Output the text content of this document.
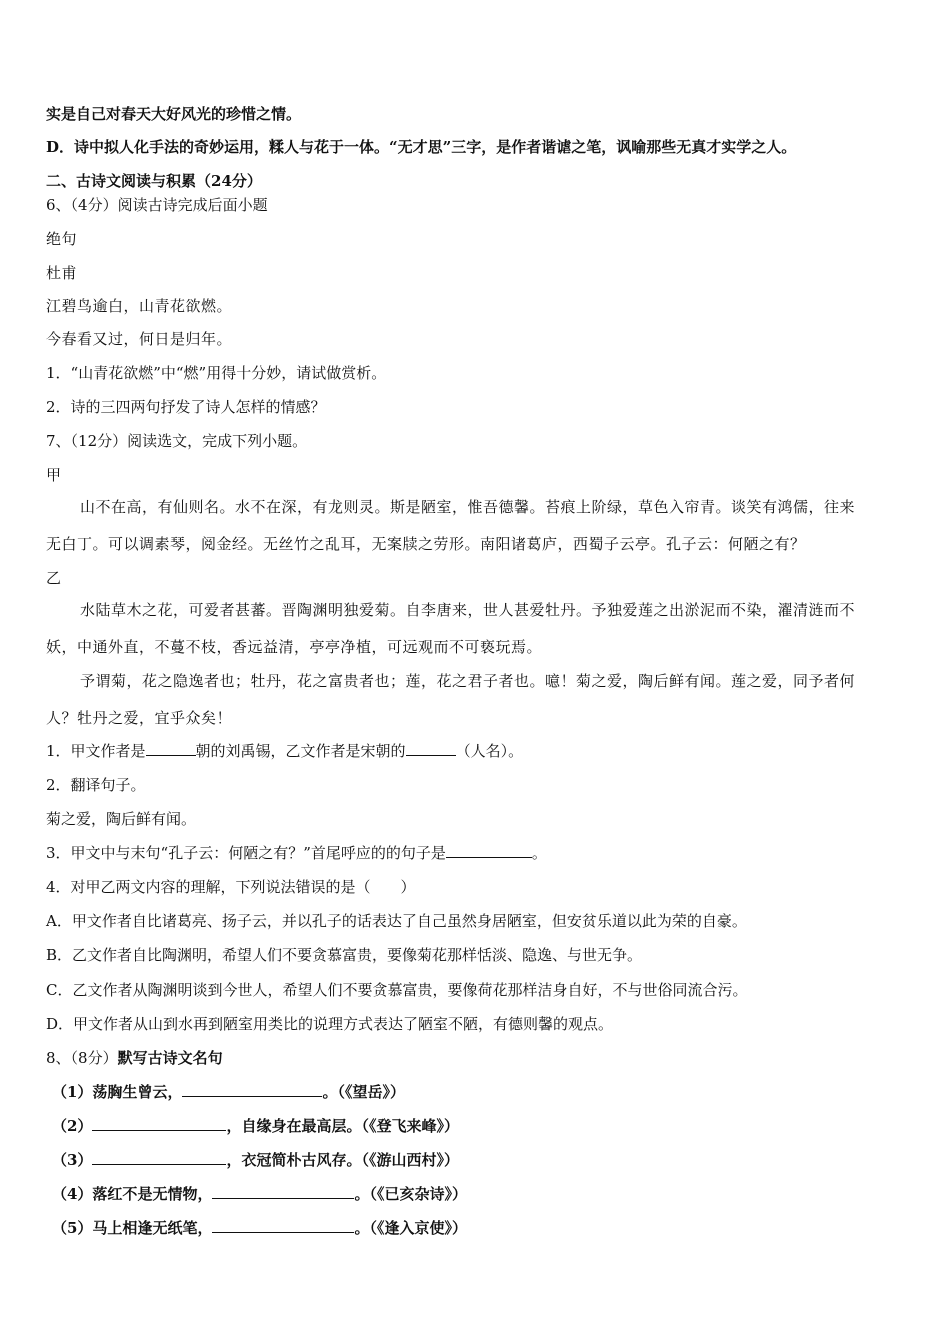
实是自己对春天大好风光的珍惜之情。
D．诗中拟人化手法的奇妙运用，糅人与花于一体。“无才思”三字，是作者谐谑之笔，讽喻那些无真才实学之人。
二、古诗文阅读与积累（24分）
6、（4分）阅读古诗完成后面小题
绝句
杜甫
江碧鸟逾白，山青花欲燃。
今春看又过，何日是归年。
1．“山青花欲燃”中“燃”用得十分妙，请试做赏析。
2．诗的三四两句抒发了诗人怎样的情感？
7、（12分）阅读选文，完成下列小题。
甲
山不在高，有仙则名。水不在深，有龙则灵。斯是陋室，惟吾德馨。苔痕上阶绿，草色入帘青。谈笑有鸿儒，往来
无白丁。可以调素琴，阅金经。无丝竹之乱耳，无案牍之劳形。南阳诸葛庐，西蜀子云亭。孔子云：何陋之有？
乙
水陆草木之花，可爱者甚蕃。晋陶渊明独爱菊。自李唐来，世人甚爱牡丹。予独爱莲之出淤泥而不染，濯清涟而不
妖，中通外直，不蔓不枝，香远益清，亭亭净植，可远观而不可亵玩焉。
予谓菊，花之隐逸者也；牡丹，花之富贵者也；莲，花之君子者也。噫！菊之爱，陶后鲜有闻。莲之爱，同予者何
人？牡丹之爱，宜乎众矣！
1．甲文作者是	朝的刘禹锡，乙文作者是宋朝的	（人名）。
2．翻译句子。
菊之爱，陶后鲜有闻。
3．甲文中与末句“孔子云：何陋之有？”首尾呼应的的句子是	。
4．对甲乙两文内容的理解，下列说法错误的是（　　）
A．甲文作者自比诸葛亮、扬子云，并以孔子的话表达了自己虽然身居陋室，但安贫乐道以此为荣的自豪。
B．乙文作者自比陶渊明，希望人们不要贪慕富贵，要像菊花那样恬淡、隐逸、与世无争。
C．乙文作者从陶渊明谈到今世人，希望人们不要贪慕富贵，要像荷花那样洁身自好，不与世俗同流合污。
D．甲文作者从山到水再到陋室用类比的说理方式表达了陋室不陋，有德则馨的观点。
8、（8分）默写古诗文名句
（1）荡胸生曾云，	。（《望岳》）
（2）	，自缘身在最高层。（《登飞来峰》）
（3）	，衣冠简朴古风存。（《游山西村》）
（4）落红不是无情物，	。（《已亥杂诗》）
（5）马上相逢无纸笔，	。（《逢入京使》）
